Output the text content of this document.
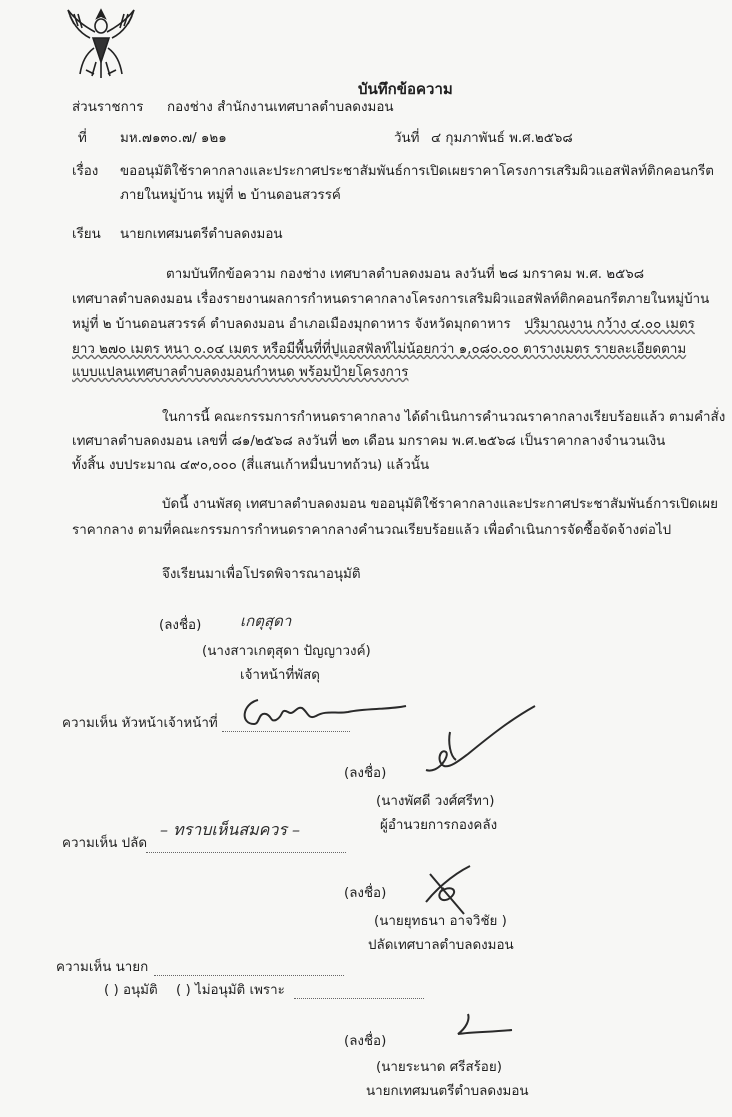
บันทึกข้อความ
ส่วนราชการ กองช่าง สำนักงานเทศบาลตำบลดงมอน
ที่ มห.๗๑๓๐.๗/ ๑๒๑	วันที่ ๔ กุมภาพันธ์ พ.ศ.๒๕๖๘
เรื่อง ขออนุมัติใช้ราคากลางและประกาศประชาสัมพันธ์การเปิดเผยราคาโครงการเสริมผิวแอสฟัลท์ติกคอนกรีต
ภายในหมู่บ้าน หมู่ที่ ๒ บ้านดอนสวรรค์
เรียน นายกเทศมนตรีตำบลดงมอน
ตามบันทึกข้อความ กองช่าง เทศบาลตำบลดงมอน ลงวันที่ ๒๘ มกราคม พ.ศ. ๒๕๖๘
เทศบาลตำบลดงมอน เรื่องรายงานผลการกำหนดราคากลางโครงการเสริมผิวแอสฟัลท์ติกคอนกรีตภายในหมู่บ้าน
หมู่ที่ ๒ บ้านดอนสวรรค์ ตำบลดงมอน อำเภอเมืองมุกดาหาร จังหวัดมุกดาหาร ปริมาณงาน กว้าง ๔.๐๐ เมตร
ยาว ๒๗๐ เมตร หนา ๐.๐๔ เมตร หรือมีพื้นที่ที่ปูแอสฟัลท์ไม่น้อยกว่า ๑,๐๘๐.๐๐ ตารางเมตร รายละเอียดตาม
แบบแปลนเทศบาลตำบลดงมอนกำหนด พร้อมป้ายโครงการ
ในการนี้ คณะกรรมการกำหนดราคากลาง ได้ดำเนินการคำนวณราคากลางเรียบร้อยแล้ว ตามคำสั่ง
เทศบาลตำบลดงมอน เลขที่ ๘๑/๒๕๖๘ ลงวันที่ ๒๓ เดือน มกราคม พ.ศ.๒๕๖๘ เป็นราคากลางจำนวนเงิน
ทั้งสิ้น งบประมาณ ๔๙๐,๐๐๐ (สี่แสนเก้าหมื่นบาทถ้วน) แล้วนั้น
บัดนี้ งานพัสดุ เทศบาลตำบลดงมอน ขออนุมัติใช้ราคากลางและประกาศประชาสัมพันธ์การเปิดเผย
ราคากลาง ตามที่คณะกรรมการกำหนดราคากลางคำนวณเรียบร้อยแล้ว เพื่อดำเนินการจัดซื้อจัดจ้างต่อไป
จึงเรียนมาเพื่อโปรดพิจารณาอนุมัติ
(ลงชื่อ)	เกตุสุดา
(นางสาวเกตุสุดา ปัญญาวงค์)
เจ้าหน้าที่พัสดุ
ความเห็น หัวหน้าเจ้าหน้าที่
(ลงชื่อ)
(นางพัศดี วงศ์ศรีทา)
ผู้อำนวยการกองคลัง
ความเห็น ปลัด
– ทราบเห็นสมควร –
(ลงชื่อ)
(นายยุทธนา อาจวิชัย )
ปลัดเทศบาลตำบลดงมอน
ความเห็น นายก
( ) อนุมัติ ( ) ไม่อนุมัติ เพราะ
(ลงชื่อ)
(นายระนาด ศรีสร้อย)
นายกเทศมนตรีตำบลดงมอน
